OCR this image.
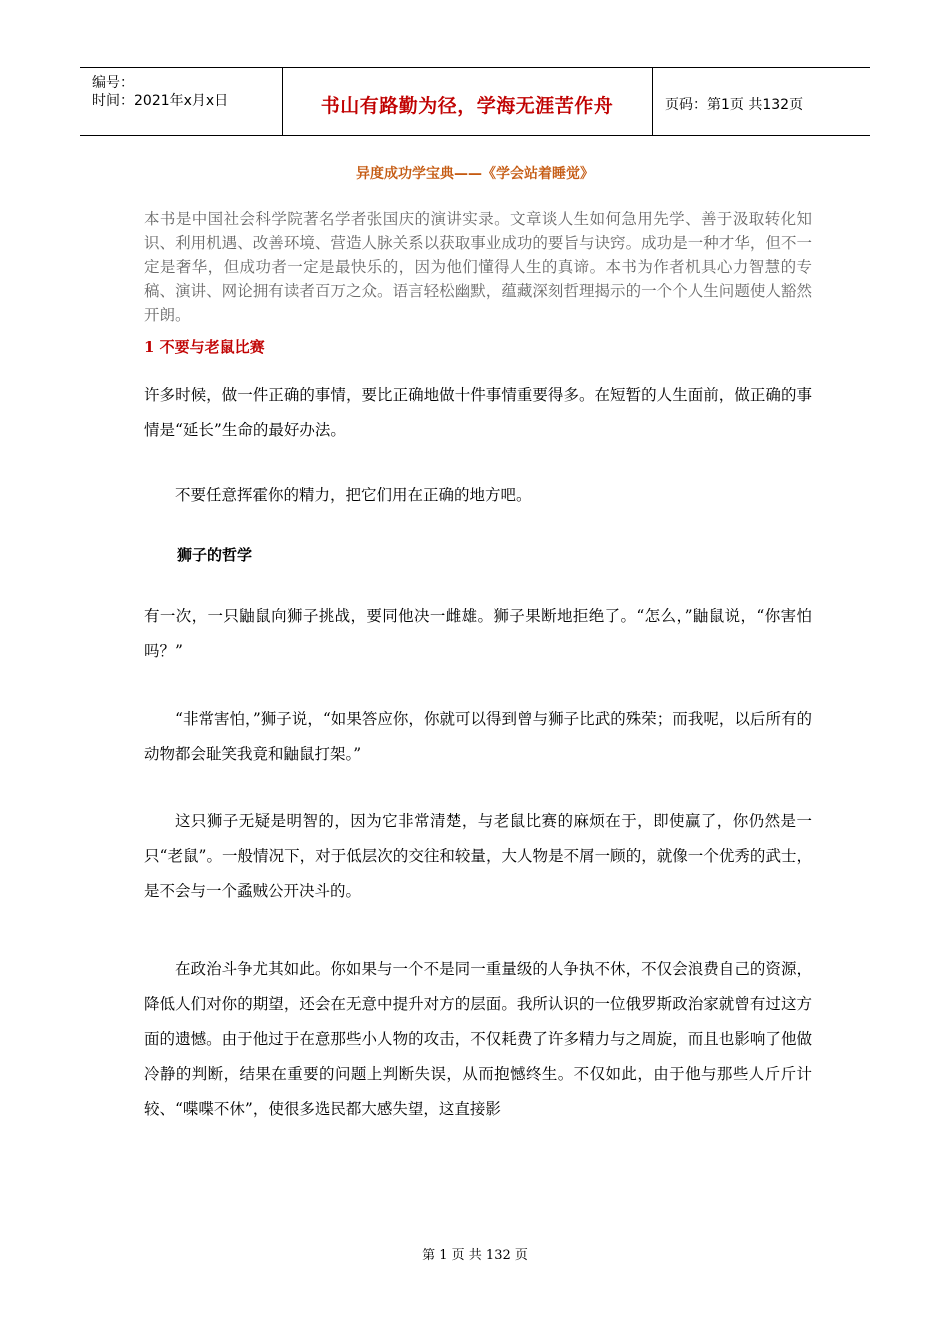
编号：
时间：2021年x月x日	书山有路勤为径，学海无涯苦作舟	页码：第1页 共132页
异度成功学宝典——《学会站着睡觉》
本书是中国社会科学院著名学者张国庆的演讲实录。文章谈人生如何急用先学、善于汲取转化知识、利用机遇、改善环境、营造人脉关系以获取事业成功的要旨与诀窍。成功是一种才华，但不一定是奢华，但成功者一定是最快乐的，因为他们懂得人生的真谛。本书为作者机具心力智慧的专稿、演讲、网论拥有读者百万之众。语言轻松幽默，蕴藏深刻哲理揭示的一个个人生问题使人豁然开朗。
1 不要与老鼠比赛

许多时候，做一件正确的事情，要比正确地做十件事情重要得多。在短暂的人生面前，做正确的事情是“延长”生命的最好办法。

不要任意挥霍你的精力，把它们用在正确的地方吧。

狮子的哲学

有一次，一只鼬鼠向狮子挑战，要同他决一雌雄。狮子果断地拒绝了。“怎么，”鼬鼠说，“你害怕吗？”

“非常害怕，”狮子说，“如果答应你，你就可以得到曾与狮子比武的殊荣；而我呢，以后所有的动物都会耻笑我竟和鼬鼠打架。”

这只狮子无疑是明智的，因为它非常清楚，与老鼠比赛的麻烦在于，即使赢了，你仍然是一只“老鼠”。一般情况下，对于低层次的交往和较量，大人物是不屑一顾的，就像一个优秀的武士，是不会与一个蟊贼公开决斗的。

在政治斗争尤其如此。你如果与一个不是同一重量级的人争执不休，不仅会浪费自己的资源，降低人们对你的期望，还会在无意中提升对方的层面。我所认识的一位俄罗斯政治家就曾有过这方面的遗憾。由于他过于在意那些小人物的攻击，不仅耗费了许多精力与之周旋，而且也影响了他做冷静的判断，结果在重要的问题上判断失误，从而抱憾终生。不仅如此，由于他与那些人斤斤计较、“喋喋不休”，使很多选民都大感失望，这直接影

第 1 页 共 132 页
